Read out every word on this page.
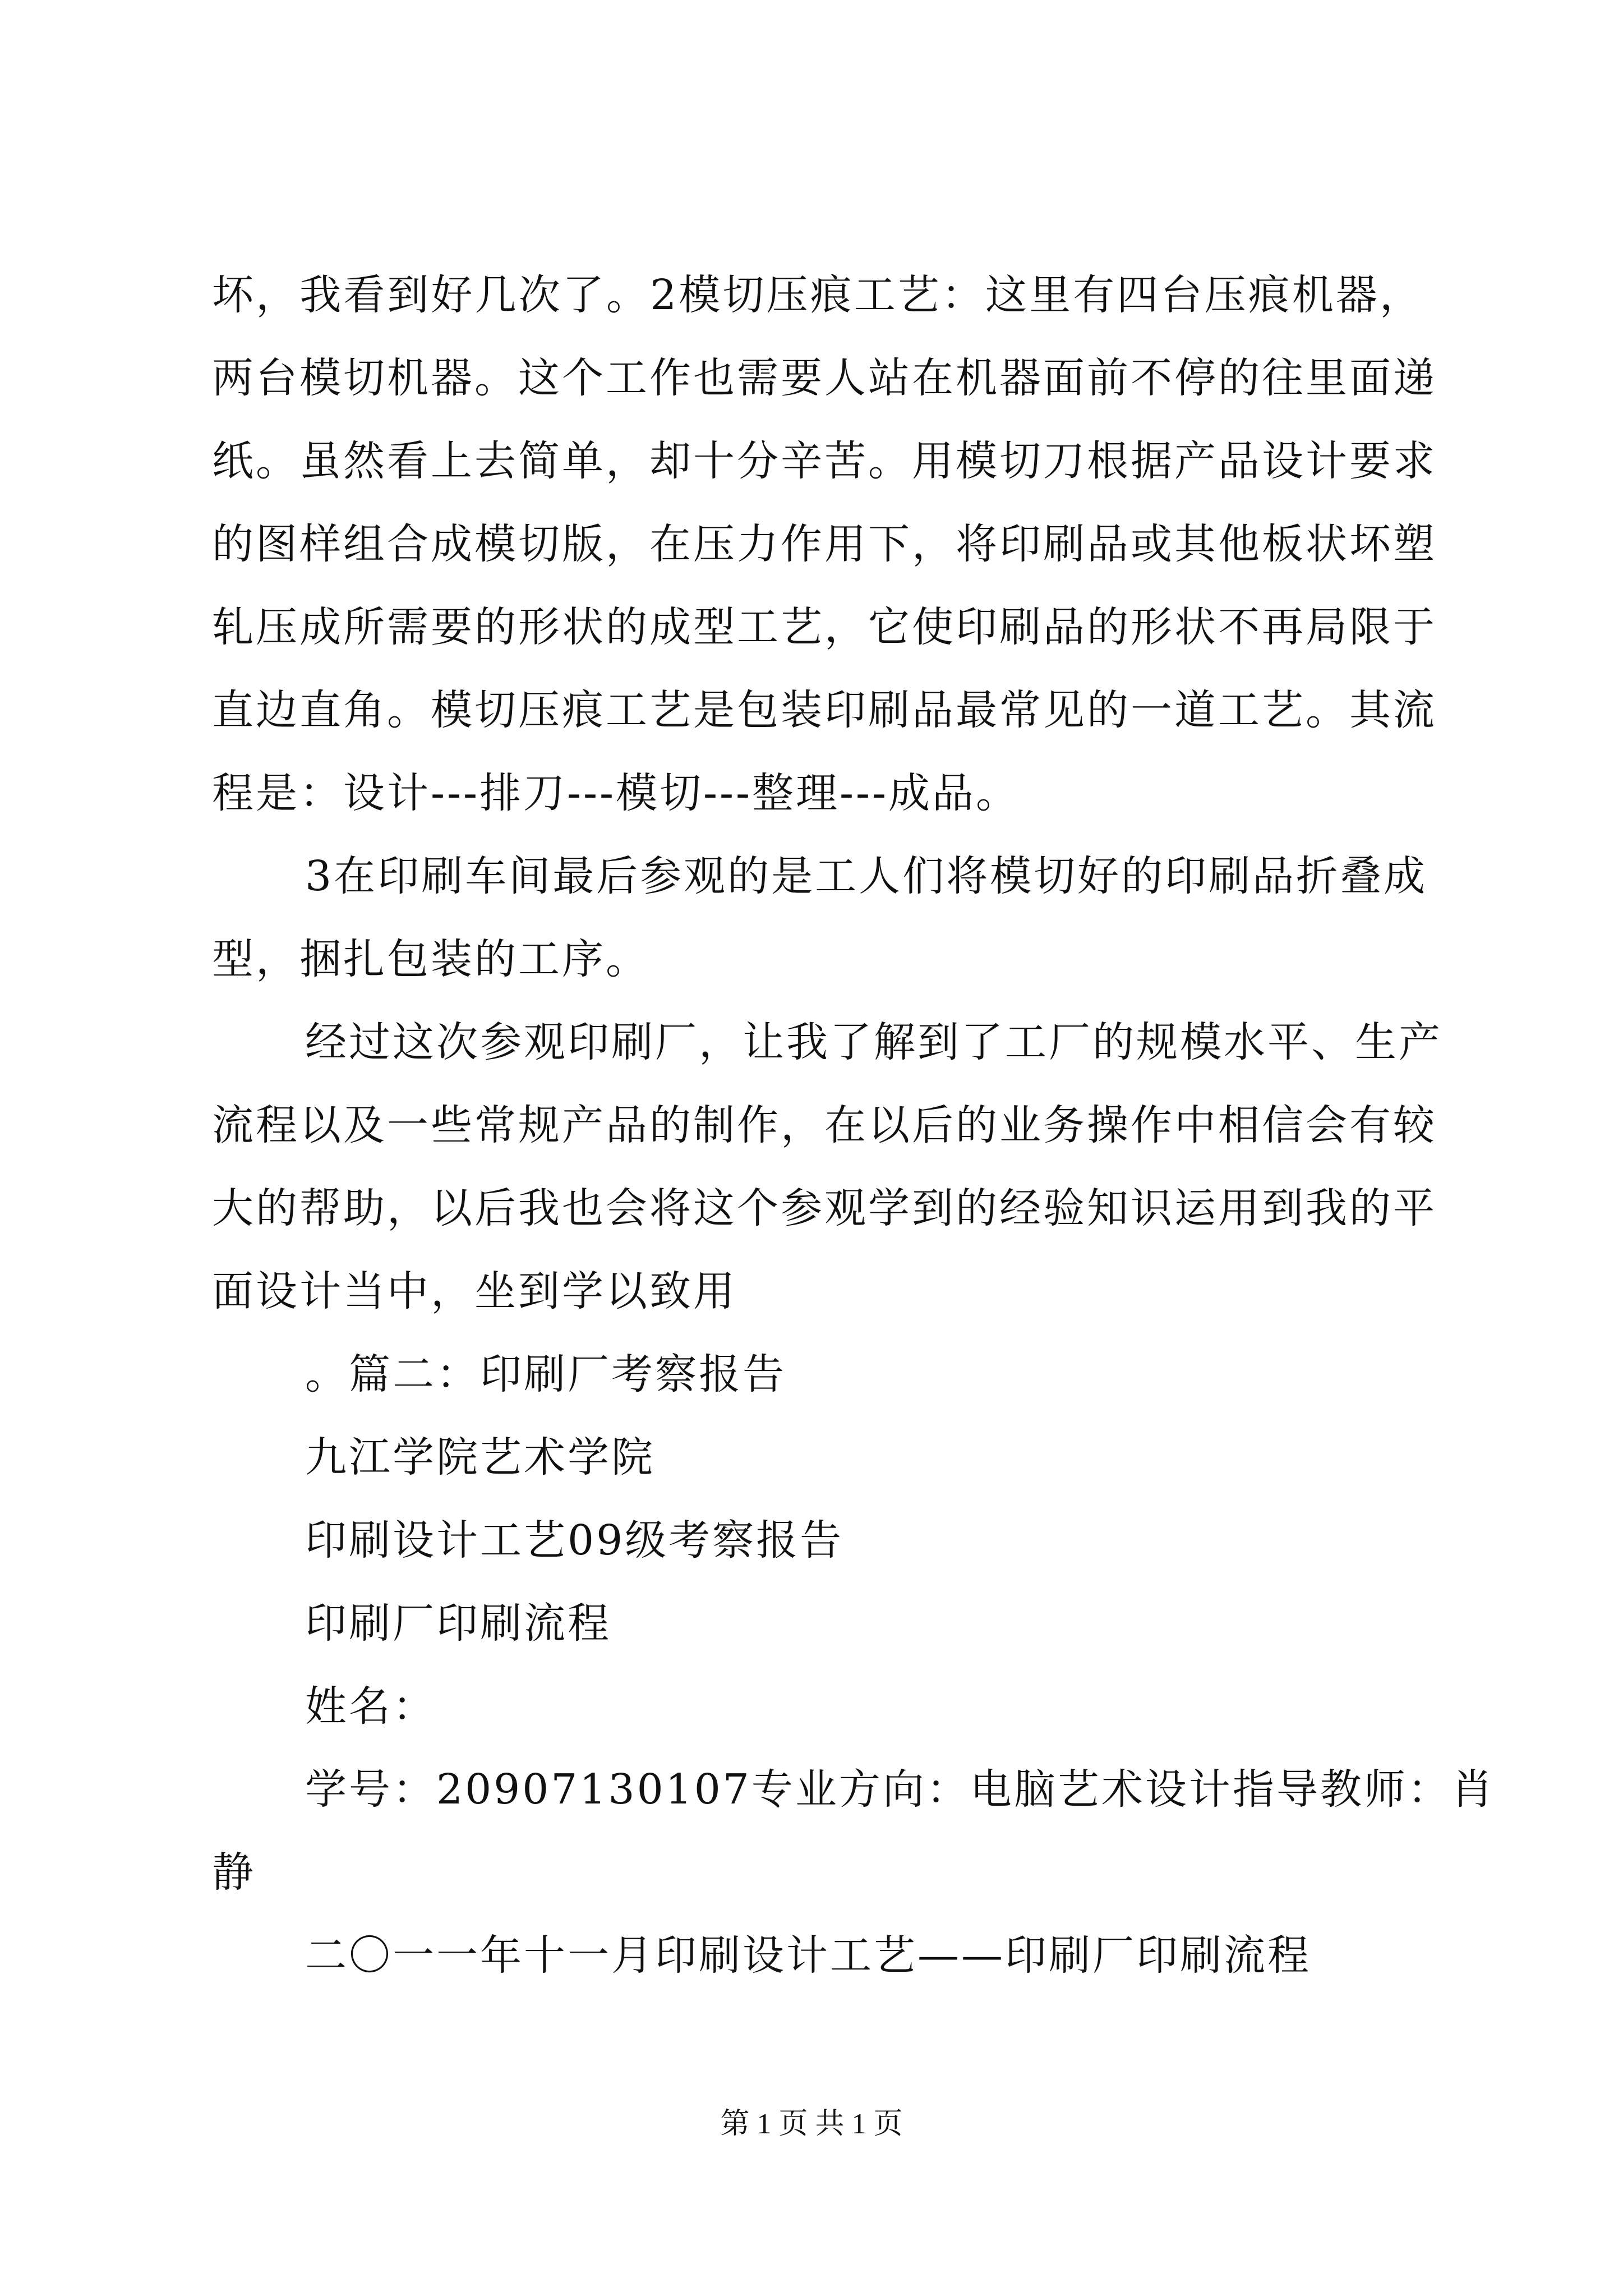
坏，我看到好几次了。2模切压痕工艺：这里有四台压痕机器，
两台模切机器。这个工作也需要人站在机器面前不停的往里面递
纸。虽然看上去简单，却十分辛苦。用模切刀根据产品设计要求
的图样组合成模切版，在压力作用下，将印刷品或其他板状坏塑
轧压成所需要的形状的成型工艺，它使印刷品的形状不再局限于
直边直角。模切压痕工艺是包装印刷品最常见的一道工艺。其流
程是：设计---排刀---模切---整理---成品。
3在印刷车间最后参观的是工人们将模切好的印刷品折叠成
型，捆扎包装的工序。
经过这次参观印刷厂，让我了解到了工厂的规模水平、生产
流程以及一些常规产品的制作，在以后的业务操作中相信会有较
大的帮助，以后我也会将这个参观学到的经验知识运用到我的平
面设计当中，坐到学以致用
。篇二：印刷厂考察报告
九江学院艺术学院
印刷设计工艺09级考察报告
印刷厂印刷流程
姓名：
学号：20907130107专业方向：电脑艺术设计指导教师：肖
静
二〇一一年十一月印刷设计工艺——印刷厂印刷流程
第 1 页 共 1 页
